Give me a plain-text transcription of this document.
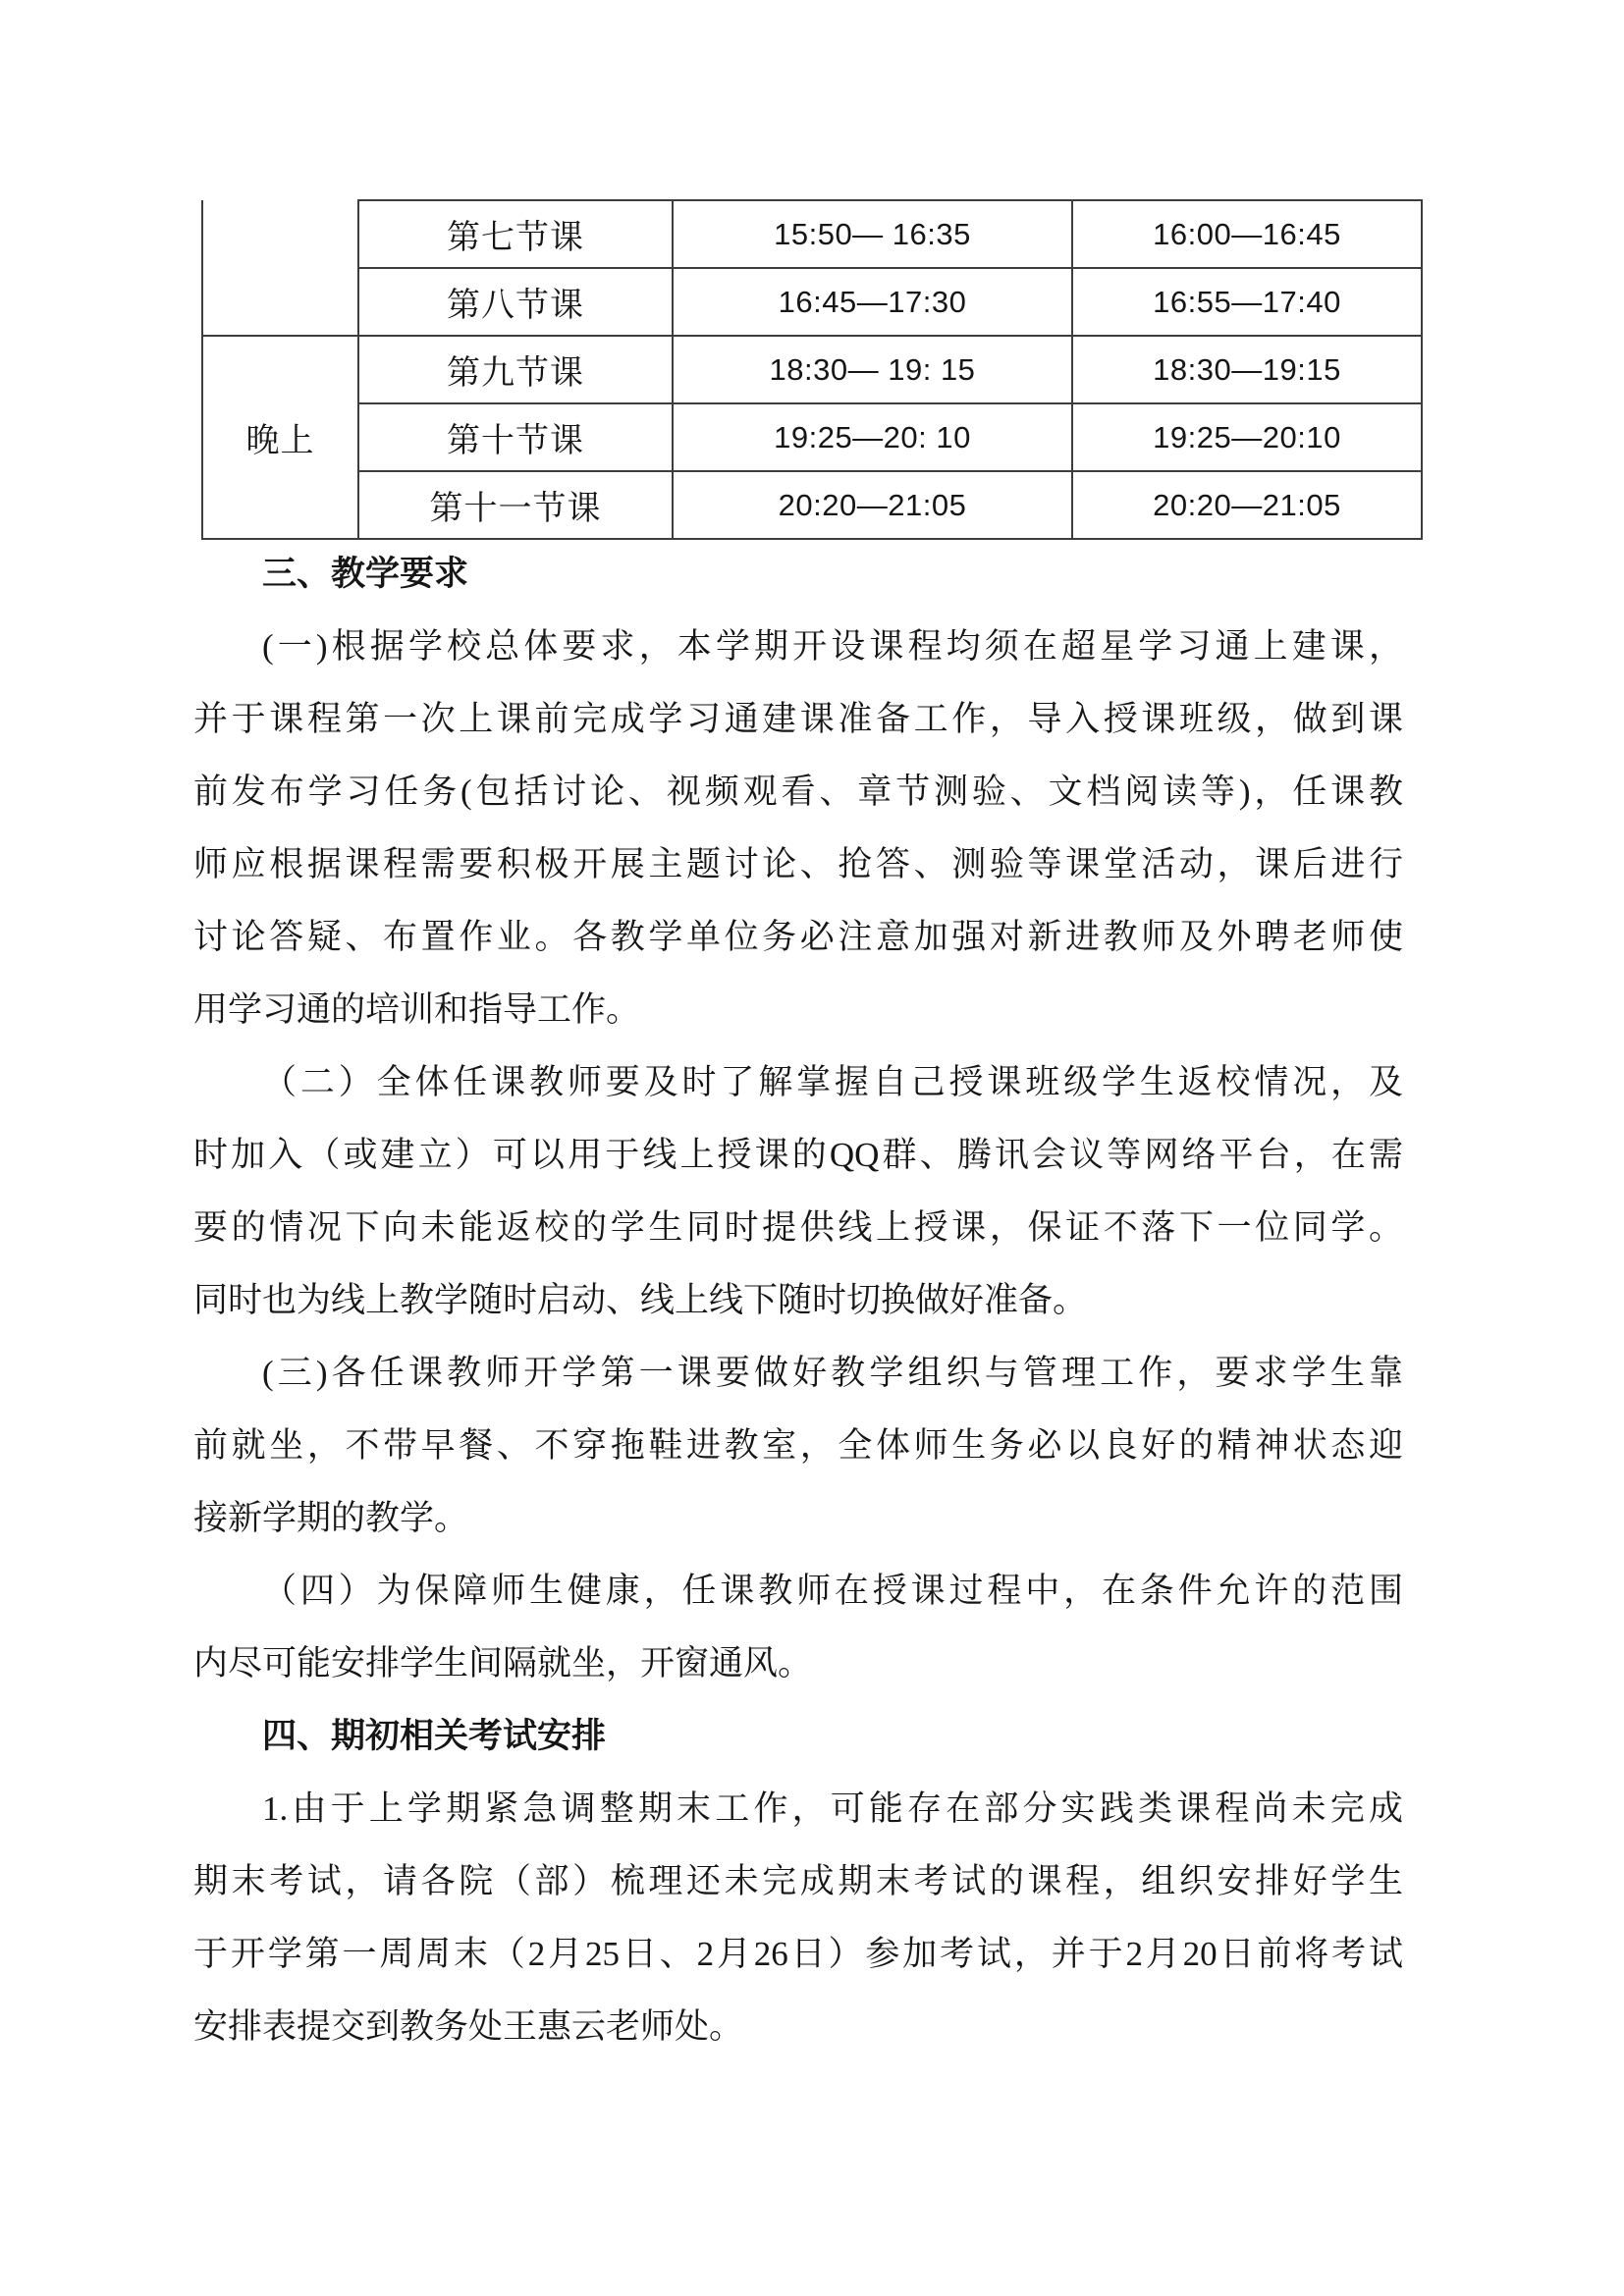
	第七节课	15:50— 16:35	16:00—16:45
	第八节课	16:45—17:30	16:55—17:40
晚上	第九节课	18:30— 19: 15	18:30—19:15
	第十节课	19:25—20: 10	19:25—20:10
	第十一节课	20:20—21:05	20:20—21:05
三、教学要求
(一)根据学校总体要求，本学期开设课程均须在超星学习通上建课，
并于课程第一次上课前完成学习通建课准备工作，导入授课班级，做到课
前发布学习任务(包括讨论、视频观看、章节测验、文档阅读等)，任课教
师应根据课程需要积极开展主题讨论、抢答、测验等课堂活动，课后进行
讨论答疑、布置作业。各教学单位务必注意加强对新进教师及外聘老师使
用学习通的培训和指导工作。
（二）全体任课教师要及时了解掌握自己授课班级学生返校情况，及
时加入（或建立）可以用于线上授课的QQ群、腾讯会议等网络平台，在需
要的情况下向未能返校的学生同时提供线上授课，保证不落下一位同学。
同时也为线上教学随时启动、线上线下随时切换做好准备。
(三)各任课教师开学第一课要做好教学组织与管理工作，要求学生靠
前就坐，不带早餐、不穿拖鞋进教室，全体师生务必以良好的精神状态迎
接新学期的教学。
（四）为保障师生健康，任课教师在授课过程中，在条件允许的范围
内尽可能安排学生间隔就坐，开窗通风。
四、期初相关考试安排
1.由于上学期紧急调整期末工作，可能存在部分实践类课程尚未完成
期末考试，请各院（部）梳理还未完成期末考试的课程，组织安排好学生
于开学第一周周末（2月25日、2月26日）参加考试，并于2月20日前将考试
安排表提交到教务处王惠云老师处。
